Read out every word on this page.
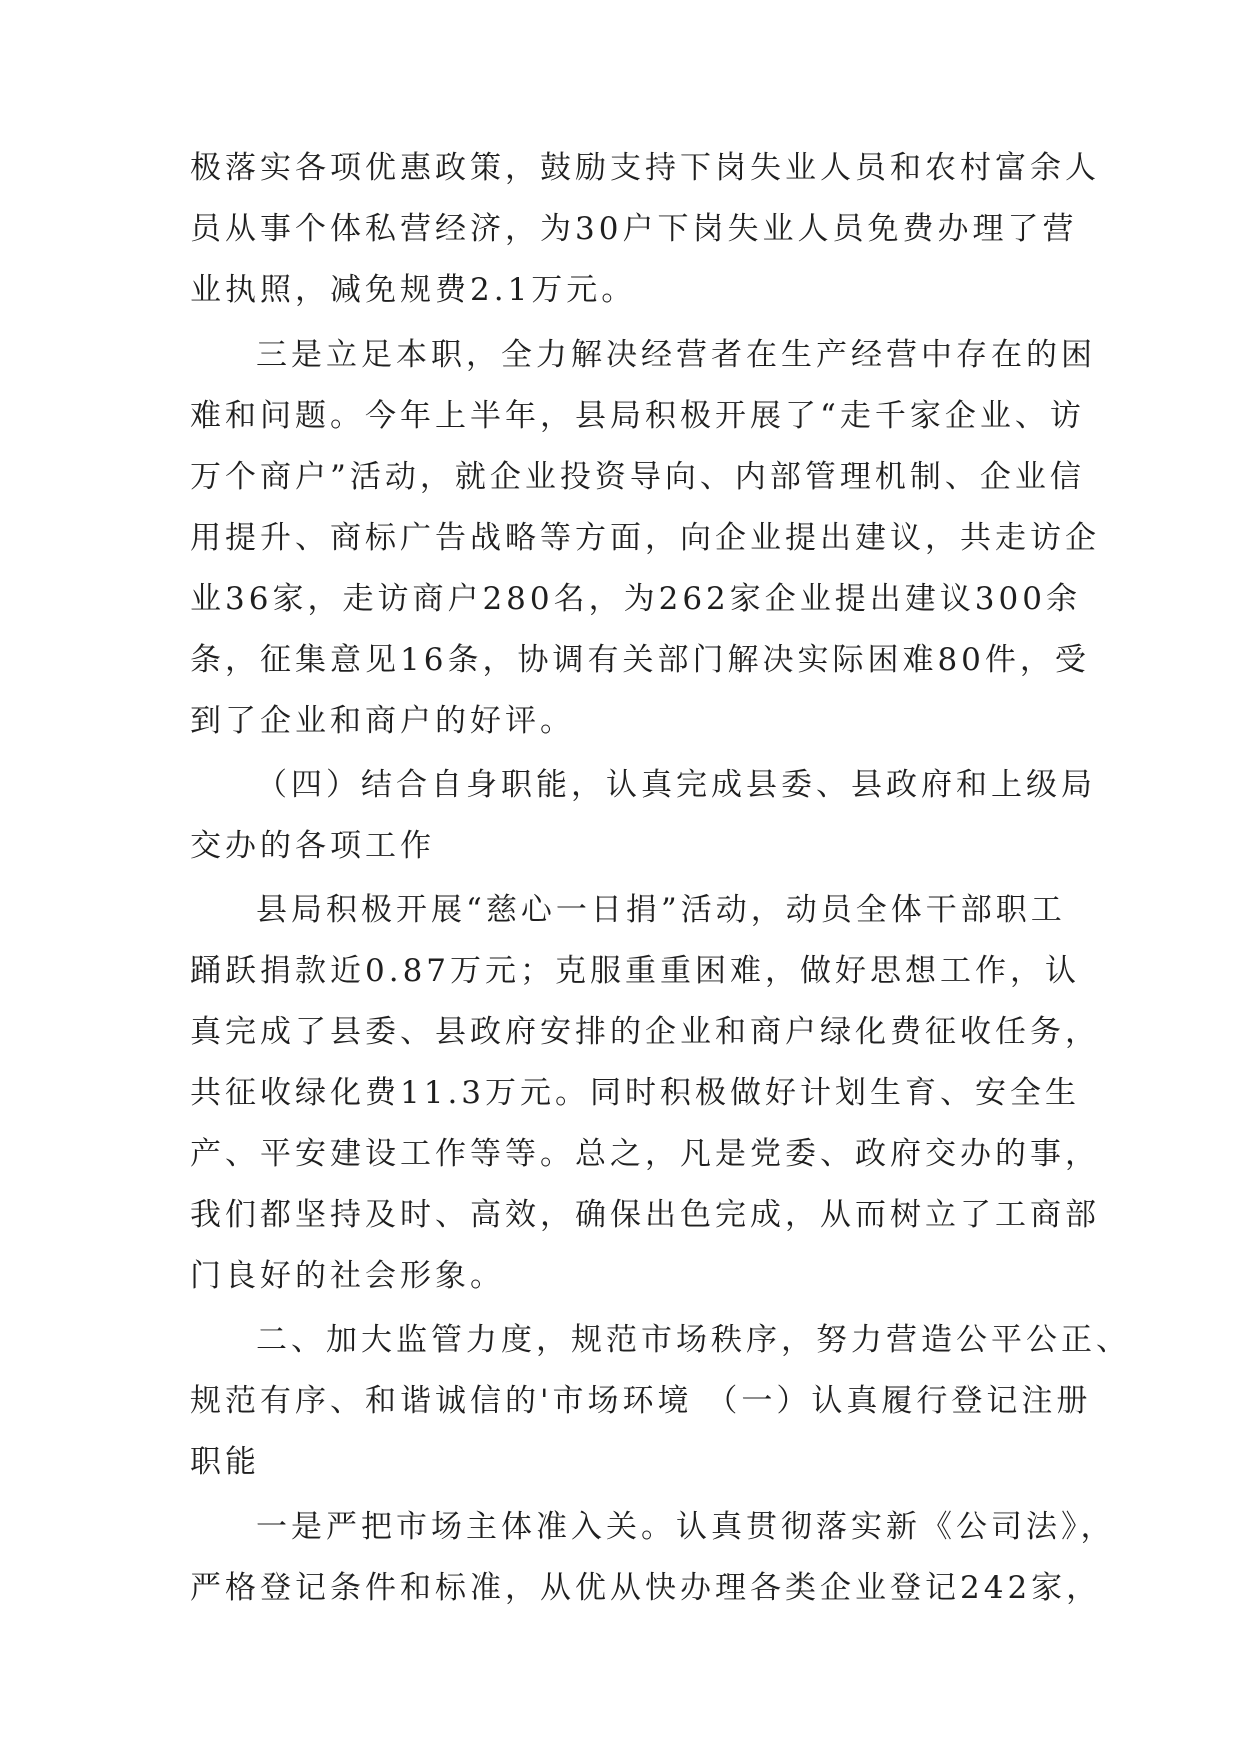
极落实各项优惠政策，鼓励支持下岗失业人员和农村富余人
员从事个体私营经济，为30户下岗失业人员免费办理了营
业执照，减免规费2.1万元。
三是立足本职，全力解决经营者在生产经营中存在的困
难和问题。今年上半年，县局积极开展了“走千家企业、访
万个商户”活动，就企业投资导向、内部管理机制、企业信
用提升、商标广告战略等方面，向企业提出建议，共走访企
业36家，走访商户280名，为262家企业提出建议300余
条，征集意见16条，协调有关部门解决实际困难80件，受
到了企业和商户的好评。
（四）结合自身职能，认真完成县委、县政府和上级局
交办的各项工作
县局积极开展“慈心一日捐”活动，动员全体干部职工
踊跃捐款近0.87万元；克服重重困难，做好思想工作，认
真完成了县委、县政府安排的企业和商户绿化费征收任务，
共征收绿化费11.3万元。同时积极做好计划生育、安全生
产、平安建设工作等等。总之，凡是党委、政府交办的事，
我们都坚持及时、高效，确保出色完成，从而树立了工商部
门良好的社会形象。
二、加大监管力度，规范市场秩序，努力营造公平公正、
规范有序、和谐诚信的'市场环境 （一）认真履行登记注册
职能
一是严把市场主体准入关。认真贯彻落实新《公司法》，
严格登记条件和标准，从优从快办理各类企业登记242家，
